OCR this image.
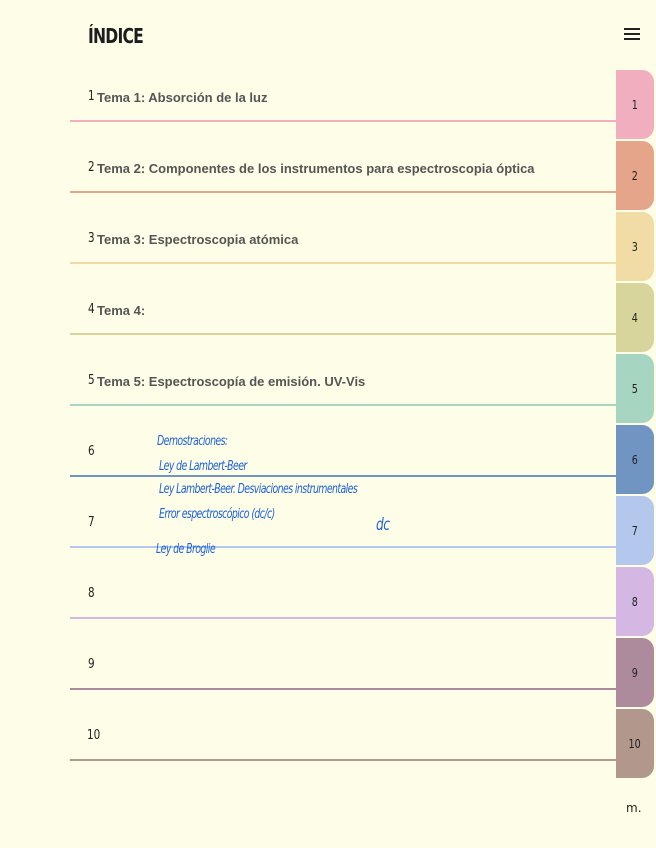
ÍNDICE
1 Tema 1: Absorción de la luz
2 Tema 2: Componentes de los instrumentos para espectroscopia óptica
3 Tema 3: Espectroscopia atómica
4 Tema 4:
5 Tema 5: Espectroscopía de emisión. UV-Vis
6
7
8
9
10
1
2
3
4
5
6
7
8
9
10
Demostraciones:
Ley de Lambert-Beer
Ley Lambert-Beer. Desviaciones instrumentales
Error espectroscópico (dc/c)
dc
Ley de Broglie
m.
